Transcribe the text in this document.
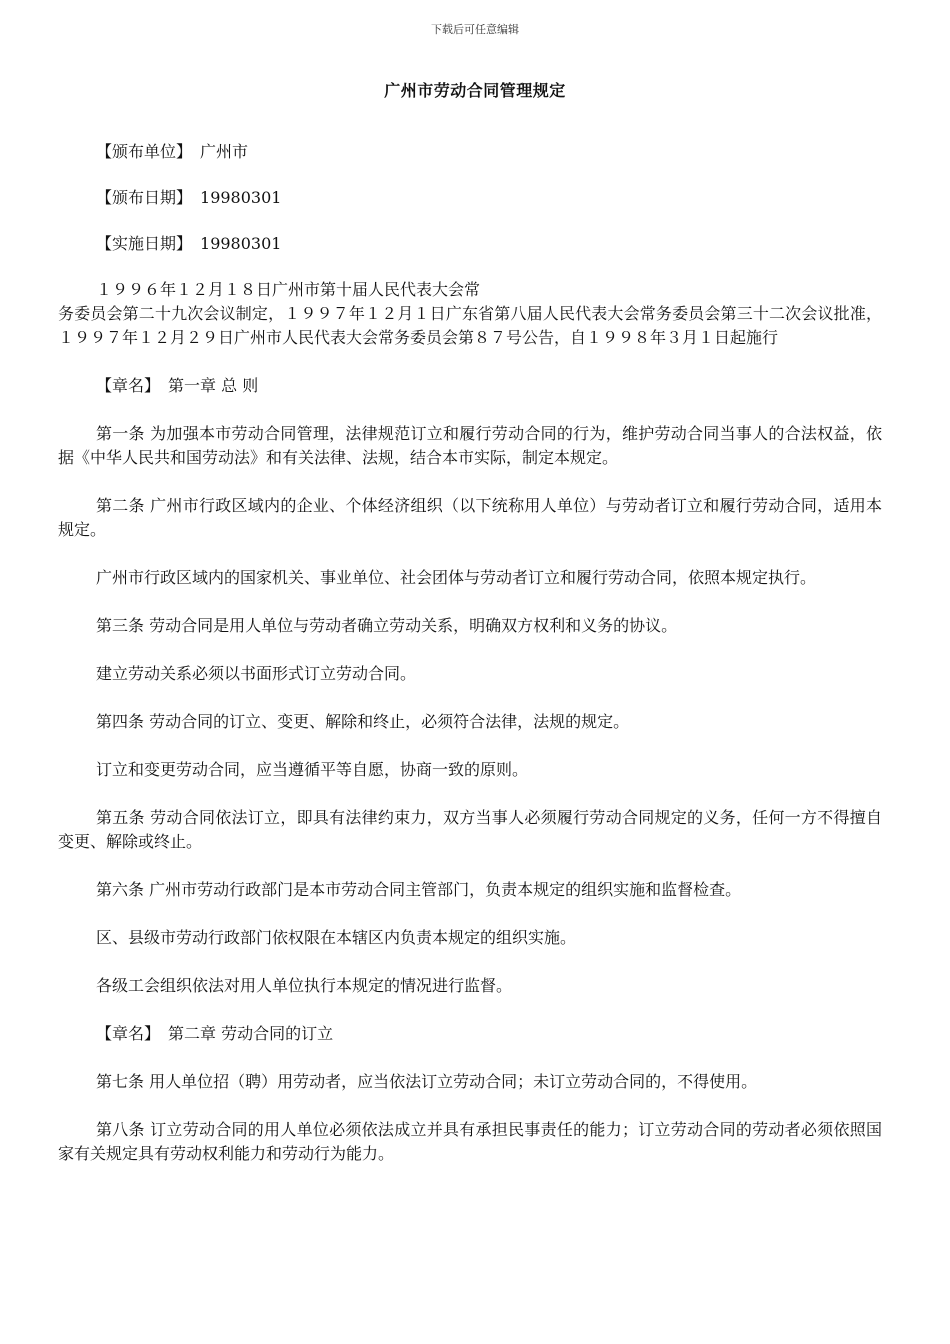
下载后可任意编辑
广州市劳动合同管理规定

【颁布单位】 广州市

【颁布日期】 19980301

【实施日期】 19980301

１９９６年１２月１８日广州市第十届人民代表大会常
务委员会第二十九次会议制定，１９９７年１２月１日广东省第八届人民代表大会常务委员会第三十二次会议批准，１９９７年１２月２９日广州市人民代表大会常务委员会第８７号公告，自１９９８年３月１日起施行

【章名】 第一章 总 则

第一条 为加强本市劳动合同管理，法律规范订立和履行劳动合同的行为，维护劳动合同当事人的合法权益，依据《中华人民共和国劳动法》和有关法律、法规，结合本市实际，制定本规定。

第二条 广州市行政区域内的企业、个体经济组织（以下统称用人单位）与劳动者订立和履行劳动合同，适用本规定。

广州市行政区域内的国家机关、事业单位、社会团体与劳动者订立和履行劳动合同，依照本规定执行。

第三条 劳动合同是用人单位与劳动者确立劳动关系，明确双方权利和义务的协议。

建立劳动关系必须以书面形式订立劳动合同。

第四条 劳动合同的订立、变更、解除和终止，必须符合法律，法规的规定。

订立和变更劳动合同，应当遵循平等自愿，协商一致的原则。

第五条 劳动合同依法订立，即具有法律约束力，双方当事人必须履行劳动合同规定的义务，任何一方不得擅自变更、解除或终止。

第六条 广州市劳动行政部门是本市劳动合同主管部门，负责本规定的组织实施和监督检查。

区、县级市劳动行政部门依权限在本辖区内负责本规定的组织实施。

各级工会组织依法对用人单位执行本规定的情况进行监督。

【章名】 第二章 劳动合同的订立

第七条 用人单位招（聘）用劳动者，应当依法订立劳动合同；未订立劳动合同的，不得使用。

第八条 订立劳动合同的用人单位必须依法成立并具有承担民事责任的能力；订立劳动合同的劳动者必须依照国家有关规定具有劳动权利能力和劳动行为能力。
